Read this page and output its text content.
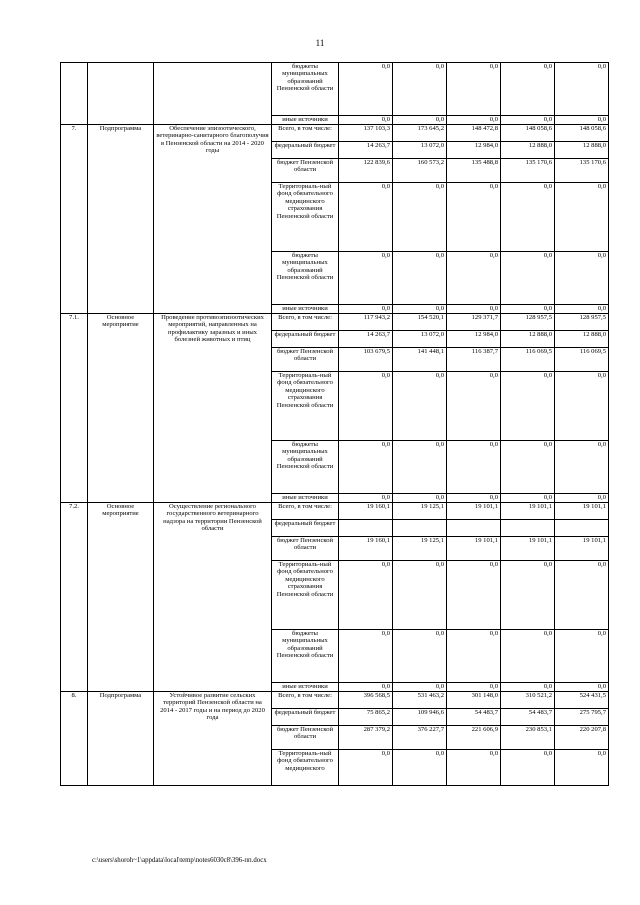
11
			бюджеты муниципальных образований Пензенской области	0,0	0,0	0,0	0,0	0,0
			иные источники	0,0	0,0	0,0	0,0	0,0
7.	Подпрограмма	Обеспечение эпизоотического, ветеринарно-санитарного благополучия в Пензенской области на 2014 - 2020 годы	Всего, в том числе:	137 103,3	173 645,2	148 472,8	148 058,6	148 058,6
			федеральный бюджет	14 263,7	13 072,0	12 984,0	12 888,0	12 888,0
			бюджет Пензенской области	122 839,6	160 573,2	135 488,8	135 170,6	135 170,6
			Территориаль-ный фонд обязательного медицинского страхования Пензенской области	0,0	0,0	0,0	0,0	0,0
			бюджеты муниципальных образований Пензенской области	0,0	0,0	0,0	0,0	0,0
			иные источники	0,0	0,0	0,0	0,0	0,0
7.1.	Основное мероприятие	Проведение противоэпизоотических мероприятий, направленных на профилактику заразных и иных болезней животных и птиц	Всего, в том числе:	117 943,2	154 520,1	129 371,7	128 957,5	128 957,5
			федеральный бюджет	14 263,7	13 072,0	12 984,0	12 888,0	12 888,0
			бюджет Пензенской области	103 679,5	141 448,1	116 387,7	116 069,5	116 069,5
			Территориаль-ный фонд обязательного медицинского страхования Пензенской области	0,0	0,0	0,0	0,0	0,0
			бюджеты муниципальных образований Пензенской области	0,0	0,0	0,0	0,0	0,0
			иные источники	0,0	0,0	0,0	0,0	0,0
7.2.	Основное мероприятие	Осуществление регионального государственного ветеринарного надзора на территории Пензенской области	Всего, в том числе:	19 160,1	19 125,1	19 101,1	19 101,1	19 101,1
			федеральный бюджет					
			бюджет Пензенской области	19 160,1	19 125,1	19 101,1	19 101,1	19 101,1
			Территориаль-ный фонд обязательного медицинского страхования Пензенской области	0,0	0,0	0,0	0,0	0,0
			бюджеты муниципальных образований Пензенской области	0,0	0,0	0,0	0,0	0,0
			иные источники	0,0	0,0	0,0	0,0	0,0
8.	Подпрограмма	Устойчивое развитие сельских территорий Пензенской области на 2014 - 2017 годы и на период до 2020 года	Всего, в том числе:	396 568,5	531 463,2	301 148,0	310 521,2	524 431,5
			федеральный бюджет	75 865,2	109 946,6	54 483,7	54 483,7	275 795,7
			бюджет Пензенской области	287 379,2	376 227,7	221 606,9	230 853,1	220 207,8
			Территориаль-ный фонд обязательного медицинского	0,0	0,0	0,0	0,0	0,0
c:\users\shoroh~1\appdata\local\temp\notes6030c8\396-пп.docx
